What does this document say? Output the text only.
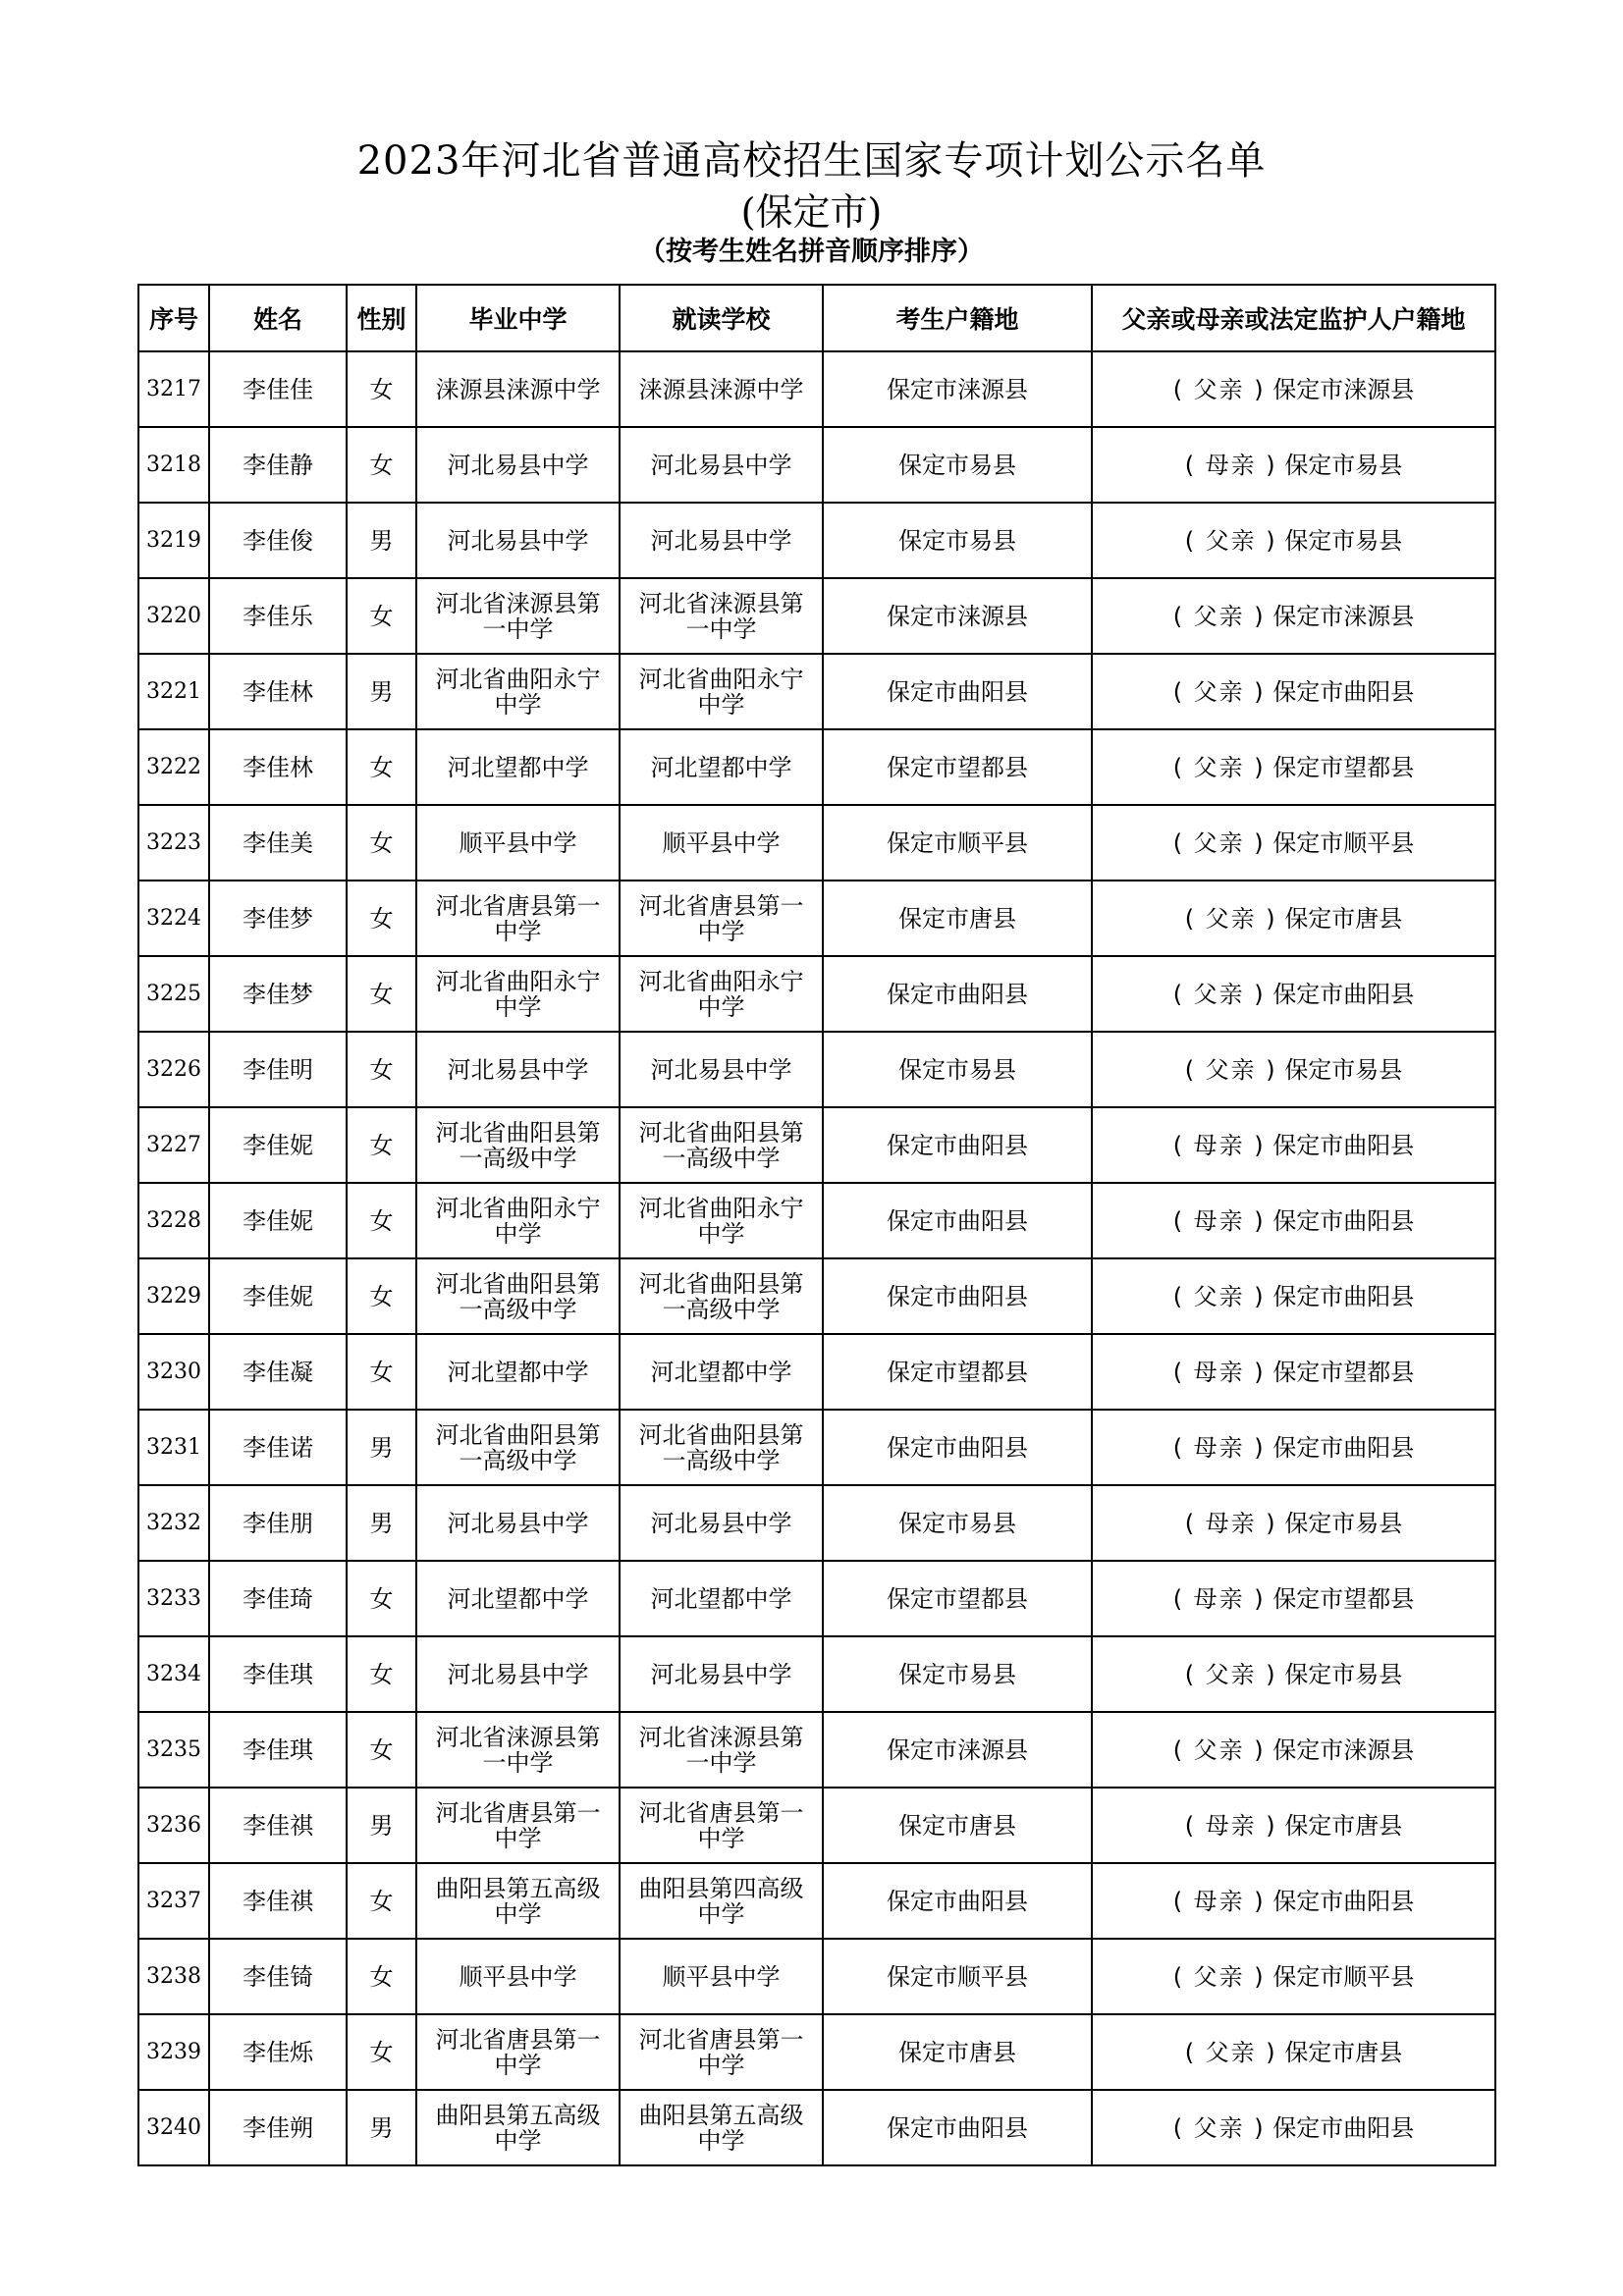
2023年河北省普通高校招生国家专项计划公示名单
(保定市)
（按考生姓名拼音顺序排序）
序号	姓名	性别	毕业中学	就读学校	考生户籍地	父亲或母亲或法定监护人户籍地
3217	李佳佳	女	涞源县涞源中学	涞源县涞源中学	保定市涞源县	( 父亲 ) 保定市涞源县
3218	李佳静	女	河北易县中学	河北易县中学	保定市易县	( 母亲 ) 保定市易县
3219	李佳俊	男	河北易县中学	河北易县中学	保定市易县	( 父亲 ) 保定市易县
3220	李佳乐	女	河北省涞源县第一中学	河北省涞源县第一中学	保定市涞源县	( 父亲 ) 保定市涞源县
3221	李佳林	男	河北省曲阳永宁中学	河北省曲阳永宁中学	保定市曲阳县	( 父亲 ) 保定市曲阳县
3222	李佳林	女	河北望都中学	河北望都中学	保定市望都县	( 父亲 ) 保定市望都县
3223	李佳美	女	顺平县中学	顺平县中学	保定市顺平县	( 父亲 ) 保定市顺平县
3224	李佳梦	女	河北省唐县第一中学	河北省唐县第一中学	保定市唐县	( 父亲 ) 保定市唐县
3225	李佳梦	女	河北省曲阳永宁中学	河北省曲阳永宁中学	保定市曲阳县	( 父亲 ) 保定市曲阳县
3226	李佳明	女	河北易县中学	河北易县中学	保定市易县	( 父亲 ) 保定市易县
3227	李佳妮	女	河北省曲阳县第一高级中学	河北省曲阳县第一高级中学	保定市曲阳县	( 母亲 ) 保定市曲阳县
3228	李佳妮	女	河北省曲阳永宁中学	河北省曲阳永宁中学	保定市曲阳县	( 母亲 ) 保定市曲阳县
3229	李佳妮	女	河北省曲阳县第一高级中学	河北省曲阳县第一高级中学	保定市曲阳县	( 父亲 ) 保定市曲阳县
3230	李佳凝	女	河北望都中学	河北望都中学	保定市望都县	( 母亲 ) 保定市望都县
3231	李佳诺	男	河北省曲阳县第一高级中学	河北省曲阳县第一高级中学	保定市曲阳县	( 母亲 ) 保定市曲阳县
3232	李佳朋	男	河北易县中学	河北易县中学	保定市易县	( 母亲 ) 保定市易县
3233	李佳琦	女	河北望都中学	河北望都中学	保定市望都县	( 母亲 ) 保定市望都县
3234	李佳琪	女	河北易县中学	河北易县中学	保定市易县	( 父亲 ) 保定市易县
3235	李佳琪	女	河北省涞源县第一中学	河北省涞源县第一中学	保定市涞源县	( 父亲 ) 保定市涞源县
3236	李佳祺	男	河北省唐县第一中学	河北省唐县第一中学	保定市唐县	( 母亲 ) 保定市唐县
3237	李佳祺	女	曲阳县第五高级中学	曲阳县第四高级中学	保定市曲阳县	( 母亲 ) 保定市曲阳县
3238	李佳锜	女	顺平县中学	顺平县中学	保定市顺平县	( 父亲 ) 保定市顺平县
3239	李佳烁	女	河北省唐县第一中学	河北省唐县第一中学	保定市唐县	( 父亲 ) 保定市唐县
3240	李佳朔	男	曲阳县第五高级中学	曲阳县第五高级中学	保定市曲阳县	( 父亲 ) 保定市曲阳县
